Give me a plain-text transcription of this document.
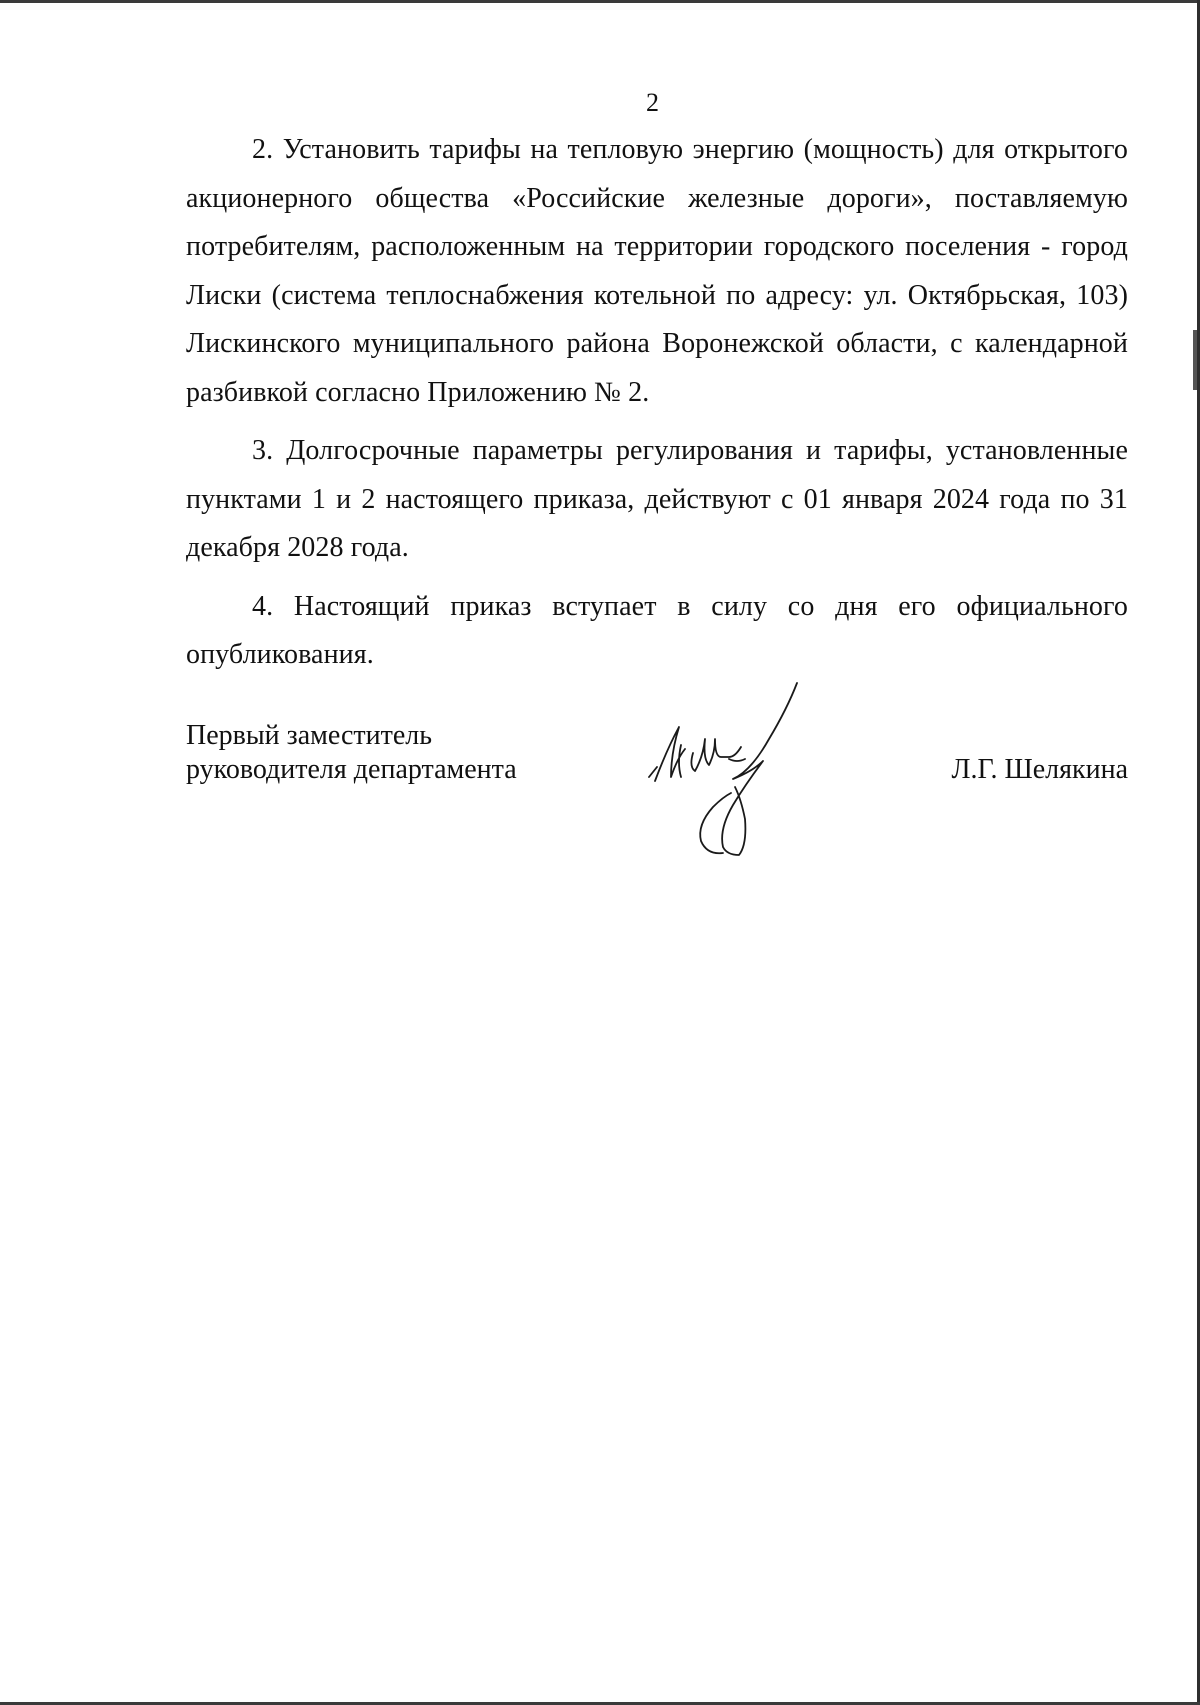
2

2. Установить тарифы на тепловую энергию (мощность) для открытого акционерного общества «Российские железные дороги», поставляемую потребителям, расположенным на территории городского поселения - город Лиски (система теплоснабжения котельной по адресу: ул. Октябрьская, 103) Лискинского муниципального района Воронежской области, с календарной разбивкой согласно Приложению № 2.

3. Долгосрочные параметры регулирования и тарифы, установленные пунктами 1 и 2 настоящего приказа, действуют с 01 января 2024 года по 31 декабря 2028 года.

4. Настоящий приказ вступает в силу со дня его официального опубликования.

Первый заместитель
руководителя департамента	Л.Г. Шелякина
